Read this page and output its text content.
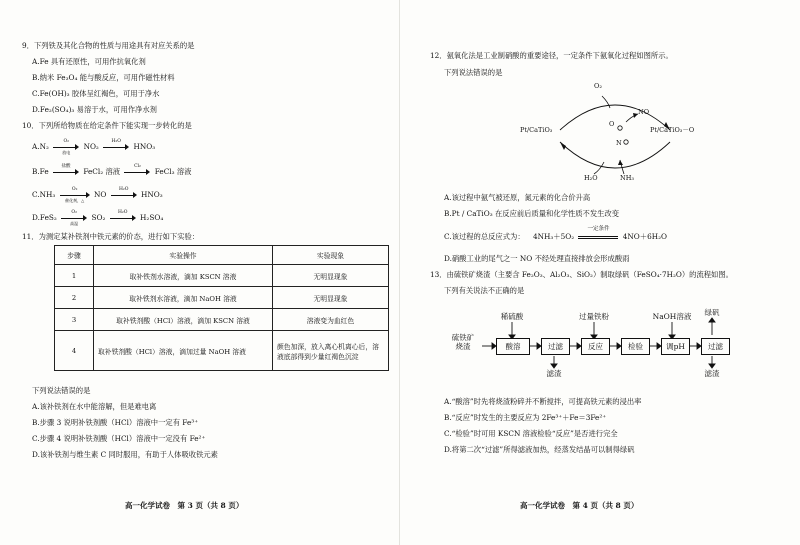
9．下列铁及其化合物的性质与用途具有对应关系的是
A.Fe 具有还原性，可用作抗氧化剂
B.纳米 Fe₃O₄ 能与酸反应，可用作磁性材料
C.Fe(OH)₃ 胶体呈红褐色，可用于净水
D.Fe₂(SO₄)₃ 易溶于水，可用作净水剂
10．下列所给物质在给定条件下能实现一步转化的是
A.N₂
O₂
放电
NO₂
H₂O
HNO₃
B.Fe
盐酸
FeCl₂ 溶液
Cl₂
FeCl₃ 溶液
C.NH₃
O₂
催化剂，△
NO
H₂O
HNO₃
D.FeS₂
O₂
高温
SO₂
H₂O
H₂SO₄
11．为测定某补铁剂中铁元素的价态，进行如下实验：
步骤	实验操作	实验现象
1	取补铁剂水溶液，滴加 KSCN 溶液	无明显现象
2	取补铁剂水溶液，滴加 NaOH 溶液	无明显现象
3	取补铁剂酸（HCl）溶液，滴加 KSCN 溶液	溶液变为血红色
4	取补铁剂酸（HCl）溶液，滴加过量 NaOH 溶液	颜色加深，放入离心机离心后，溶液底部得到少量红褐色沉淀
下列说法错误的是
A.该补铁剂在水中能溶解，但是难电离
B.步骤 3 说明补铁剂酸（HCl）溶液中一定有 Fe³⁺
C.步骤 4 说明补铁剂酸（HCl）溶液中一定没有 Fe²⁺
D.该补铁剂与维生素 C 同时服用，有助于人体吸收铁元素
高一化学试卷　第 3 页（共 8 页）
12．氨氧化法是工业制硝酸的重要途径，一定条件下氨氧化过程如图所示。
下列说法错误的是
O₂
Pt/CaTiO₃	Pt/CaTiO₃－O
NO
O
N
H₂O	NH₃
A.该过程中氨气被还原，氮元素的化合价升高
B.Pt / CaTiO₃ 在反应前后质量和化学性质不发生改变
C.该过程的总反应式为： 4NH₃＋5O₂
一定条件
4NO＋6H₂O
D.硝酸工业的尾气之一 NO 不经处理直接排放会形成酸雨
13．由硫铁矿烧渣（主要含 Fe₂O₃、Al₂O₃、SiO₂）制取绿矾（FeSO₄·7H₂O）的流程如图。
下列有关说法不正确的是
硫铁矿
烧渣
稀硫酸	过量铁粉	NaOH溶液	绿矾
酸溶	过滤	反应	检验	调pH	过滤
滤渣	滤渣
A.“酸溶”时先将烧渣粉碎并不断搅拌，可提高铁元素的浸出率
B.“反应”时发生的主要反应为 2Fe³⁺＋Fe＝3Fe²⁺
C.“检验”时可用 KSCN 溶液检验“反应”是否进行完全
D.将第二次“过滤”所得滤液加热，经蒸发结晶可以制得绿矾
高一化学试卷　第 4 页（共 8 页）
